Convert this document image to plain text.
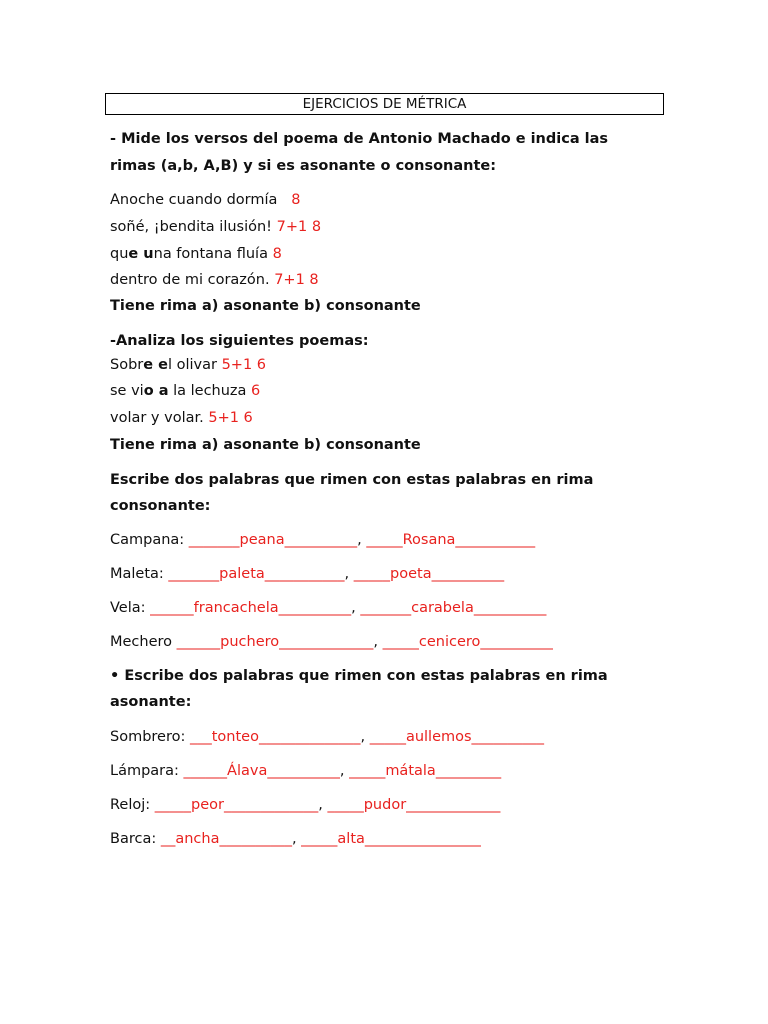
EJERCICIOS DE MÉTRICA
- Mide los versos del poema de Antonio Machado e indica las
rimas (a,b, A,B) y si es asonante o consonante:
Anoche cuando dormía 8
soñé, ¡bendita ilusión! 7+1 8
que una fontana fluía 8
dentro de mi corazón. 7+1 8
Tiene rima a) asonante b) consonante
-Analiza los siguientes poemas:
Sobre el olivar 5+1 6
se vio a la lechuza 6
volar y volar. 5+1 6
Tiene rima a) asonante b) consonante
Escribe dos palabras que rimen con estas palabras en rima
consonante:
Campana: _______peana__________, _____Rosana___________
Maleta: _______paleta___________, _____poeta__________
Vela: ______francachela__________, _______carabela__________
Mechero ______puchero_____________, _____cenicero__________
• Escribe dos palabras que rimen con estas palabras en rima
asonante:
Sombrero: ___tonteo______________, _____aullemos__________
Lámpara: ______Álava__________, _____mátala_________
Reloj: _____peor_____________, _____pudor_____________
Barca: __ancha__________, _____alta________________
